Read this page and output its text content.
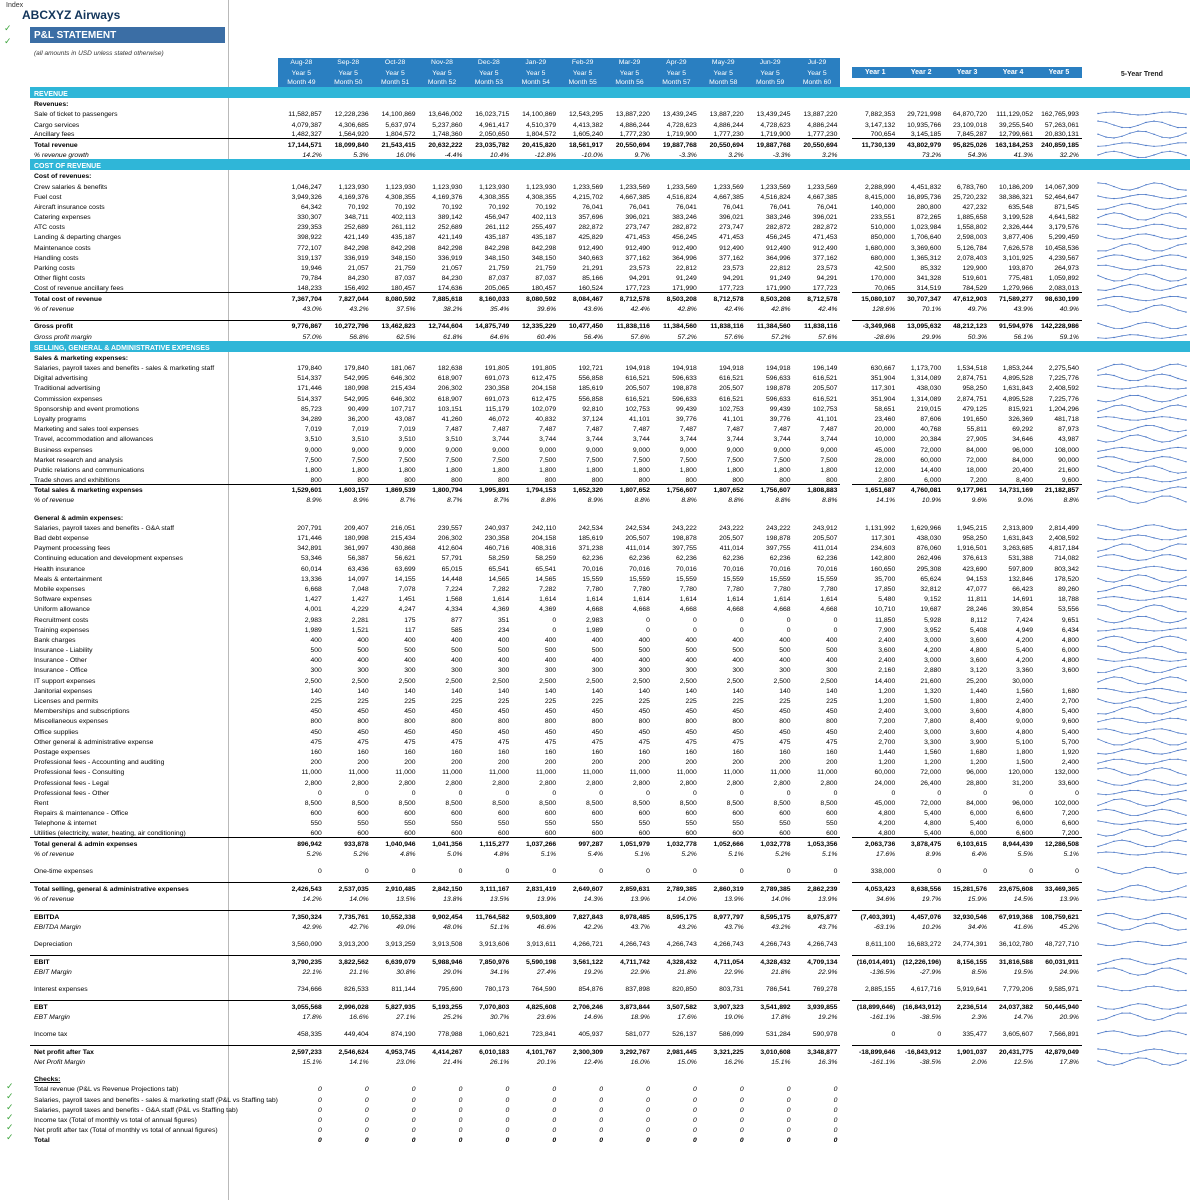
Index
ABCXYZ Airways
P&L STATEMENT
(all amounts in USD unless stated otherwise)
✓
✓
	Aug-28	Sep-28	Oct-28	Nov-28	Dec-28	Jan-29	Feb-29	Mar-29	Apr-29	May-29	Jun-29	Jul-29								
	Year 5	Year 5	Year 5	Year 5	Year 5	Year 5	Year 5	Year 5	Year 5	Year 5	Year 5	Year 5		Year 1	Year 2	Year 3	Year 4	Year 5		5-Year Trend
	Month 49	Month 50	Month 51	Month 52	Month 53	Month 54	Month 55	Month 56	Month 57	Month 58	Month 59	Month 60								
REVENUE																				
Revenues:																				
Sale of ticket to passengers	11,582,857	12,228,236	14,100,869	13,646,002	16,023,715	14,100,869	12,543,295	13,887,220	13,439,245	13,887,220	13,439,245	13,887,220		7,882,353	29,721,998	64,870,720	111,129,052	162,765,993		

Cargo services	4,079,387	4,306,685	5,637,974	5,237,860	4,961,417	4,510,379	4,413,382	4,886,244	4,728,623	4,886,244	4,728,623	4,886,244		3,147,132	10,935,766	23,109,018	39,255,540	57,263,061		

Ancillary fees	1,482,327	1,564,920	1,804,572	1,748,360	2,050,650	1,804,572	1,605,240	1,777,230	1,719,900	1,777,230	1,719,900	1,777,230		700,654	3,145,185	7,845,287	12,799,661	20,830,131		

Total revenue	17,144,571	18,099,840	21,543,415	20,632,222	23,035,782	20,415,820	18,561,917	20,550,694	19,887,768	20,550,694	19,887,768	20,550,694		11,730,139	43,802,979	95,825,026	163,184,253	240,859,185		

% revenue growth	14.2%	5.3%	16.0%	-4.4%	10.4%	-12.8%	-10.0%	9.7%	-3.3%	3.2%	-3.3%	3.2%			73.2%	54.3%	41.3%	32.2%		

COST OF REVENUE																				
Cost of revenues:																				
Crew salaries & benefits	1,046,247	1,123,930	1,123,930	1,123,930	1,123,930	1,123,930	1,233,569	1,233,569	1,233,569	1,233,569	1,233,569	1,233,569		2,288,990	4,451,832	6,783,760	10,186,209	14,067,309		

Fuel cost	3,949,326	4,169,376	4,308,355	4,169,376	4,308,355	4,308,355	4,215,702	4,667,385	4,516,824	4,667,385	4,516,824	4,667,385		8,415,000	16,895,736	25,720,232	38,386,321	52,464,647		

Aircraft insurance costs	64,342	70,192	70,192	70,192	70,192	70,192	76,041	76,041	76,041	76,041	76,041	76,041		140,000	280,800	427,232	635,548	871,545		

Catering expenses	330,307	348,711	402,113	389,142	456,947	402,113	357,696	396,021	383,246	396,021	383,246	396,021		233,551	872,265	1,885,658	3,199,528	4,641,582		

ATC costs	239,353	252,689	261,112	252,689	261,112	255,497	282,872	273,747	282,872	273,747	282,872	282,872		510,000	1,023,984	1,558,802	2,326,444	3,179,576		

Landing & departing charges	398,922	421,149	435,187	421,149	435,187	435,187	425,829	471,453	456,245	471,453	456,245	471,453		850,000	1,706,640	2,598,003	3,877,406	5,299,459		

Maintenance costs	772,107	842,298	842,298	842,298	842,298	842,298	912,490	912,490	912,490	912,490	912,490	912,490		1,680,000	3,369,600	5,126,784	7,626,578	10,458,536		

Handling costs	319,137	336,919	348,150	336,919	348,150	348,150	340,663	377,162	364,996	377,162	364,996	377,162		680,000	1,365,312	2,078,403	3,101,925	4,239,567		

Parking costs	19,946	21,057	21,759	21,057	21,759	21,759	21,291	23,573	22,812	23,573	22,812	23,573		42,500	85,332	129,900	193,870	264,973		

Other flight costs	79,784	84,230	87,037	84,230	87,037	87,037	85,166	94,291	91,249	94,291	91,249	94,291		170,000	341,328	519,601	775,481	1,059,892		

Cost of revenue ancillary fees	148,233	156,492	180,457	174,636	205,065	180,457	160,524	177,723	171,990	177,723	171,990	177,723		70,065	314,519	784,529	1,279,966	2,083,013		

Total cost of revenue	7,367,704	7,827,044	8,080,592	7,885,618	8,160,033	8,080,592	8,084,467	8,712,578	8,503,208	8,712,578	8,503,208	8,712,578		15,080,107	30,707,347	47,612,903	71,589,277	98,630,199		

% of revenue	43.0%	43.2%	37.5%	38.2%	35.4%	39.6%	43.6%	42.4%	42.8%	42.4%	42.8%	42.4%		128.6%	70.1%	49.7%	43.9%	40.9%		

Gross profit	9,776,867	10,272,796	13,462,823	12,744,604	14,875,749	12,335,229	10,477,450	11,838,116	11,384,560	11,838,116	11,384,560	11,838,116		-3,349,968	13,095,632	48,212,123	91,594,976	142,228,986		

Gross profit margin	57.0%	56.8%	62.5%	61.8%	64.6%	60.4%	56.4%	57.6%	57.2%	57.6%	57.2%	57.6%		-28.6%	29.9%	50.3%	56.1%	59.1%		

SELLING, GENERAL & ADMINISTRATIVE EXPENSES																				
Sales & marketing expenses:																				
Salaries, payroll taxes and benefits - sales & marketing staff	179,840	179,840	181,067	182,638	191,805	191,805	192,721	194,918	194,918	194,918	194,918	196,149		630,667	1,173,700	1,534,518	1,853,244	2,275,540		

Digital advertising	514,337	542,995	646,302	618,907	691,073	612,475	556,858	616,521	596,633	616,521	596,633	616,521		351,904	1,314,089	2,874,751	4,895,528	7,225,776		

Traditional advertising	171,446	180,998	215,434	206,302	230,358	204,158	185,619	205,507	198,878	205,507	198,878	205,507		117,301	438,030	958,250	1,631,843	2,408,592		

Commission expenses	514,337	542,995	646,302	618,907	691,073	612,475	556,858	616,521	596,633	616,521	596,633	616,521		351,904	1,314,089	2,874,751	4,895,528	7,225,776		

Sponsorship and event promotions	85,723	90,499	107,717	103,151	115,179	102,079	92,810	102,753	99,439	102,753	99,439	102,753		58,651	219,015	479,125	815,921	1,204,296		

Loyalty programs	34,289	36,200	43,087	41,260	46,072	40,832	37,124	41,101	39,776	41,101	39,776	41,101		23,460	87,606	191,650	326,369	481,718		

Marketing and sales tool expenses	7,019	7,019	7,019	7,487	7,487	7,487	7,487	7,487	7,487	7,487	7,487	7,487		20,000	40,768	55,811	69,292	87,973		

Travel, accommodation and allowances	3,510	3,510	3,510	3,510	3,744	3,744	3,744	3,744	3,744	3,744	3,744	3,744		10,000	20,384	27,905	34,646	43,987		

Business expenses	9,000	9,000	9,000	9,000	9,000	9,000	9,000	9,000	9,000	9,000	9,000	9,000		45,000	72,000	84,000	96,000	108,000		

Market research and analysis	7,500	7,500	7,500	7,500	7,500	7,500	7,500	7,500	7,500	7,500	7,500	7,500		28,000	60,000	72,000	84,000	90,000		

Public relations and communications	1,800	1,800	1,800	1,800	1,800	1,800	1,800	1,800	1,800	1,800	1,800	1,800		12,000	14,400	18,000	20,400	21,600		

Trade shows and exhibitions	800	800	800	800	800	800	800	800	800	800	800	800		2,800	6,000	7,200	8,400	9,600		

Total sales & marketing expenses	1,529,601	1,603,157	1,869,539	1,800,794	1,995,891	1,794,153	1,652,320	1,807,652	1,756,607	1,807,652	1,756,607	1,808,883		1,651,687	4,760,081	9,177,961	14,731,169	21,182,857		

% of revenue	8.9%	8.9%	8.7%	8.7%	8.7%	8.8%	8.9%	8.8%	8.8%	8.8%	8.8%	8.8%		14.1%	10.9%	9.6%	9.0%	8.8%		

General & admin expenses:																				
Salaries, payroll taxes and benefits - G&A staff	207,791	209,407	216,051	239,557	240,937	242,110	242,534	242,534	243,222	243,222	243,222	243,912		1,131,992	1,629,966	1,945,215	2,313,809	2,814,499		

Bad debt expense	171,446	180,998	215,434	206,302	230,358	204,158	185,619	205,507	198,878	205,507	198,878	205,507		117,301	438,030	958,250	1,631,843	2,408,592		

Payment processing fees	342,891	361,997	430,868	412,604	460,716	408,316	371,238	411,014	397,755	411,014	397,755	411,014		234,603	876,060	1,916,501	3,263,685	4,817,184		

Continuing education and development expenses	53,346	56,387	56,621	57,791	58,259	58,259	62,236	62,236	62,236	62,236	62,236	62,236		142,800	262,496	376,613	531,388	714,082		

Health insurance	60,014	63,436	63,699	65,015	65,541	65,541	70,016	70,016	70,016	70,016	70,016	70,016		160,650	295,308	423,690	597,809	803,342		

Meals & entertainment	13,336	14,097	14,155	14,448	14,565	14,565	15,559	15,559	15,559	15,559	15,559	15,559		35,700	65,624	94,153	132,846	178,520		

Mobile expenses	6,668	7,048	7,078	7,224	7,282	7,282	7,780	7,780	7,780	7,780	7,780	7,780		17,850	32,812	47,077	66,423	89,260		

Software expenses	1,427	1,427	1,451	1,568	1,614	1,614	1,614	1,614	1,614	1,614	1,614	1,614		5,480	9,152	11,811	14,691	18,788		

Uniform allowance	4,001	4,229	4,247	4,334	4,369	4,369	4,668	4,668	4,668	4,668	4,668	4,668		10,710	19,687	28,246	39,854	53,556		

Recruitment costs	2,983	2,281	175	877	351	0	2,983	0	0	0	0	0		11,850	5,928	8,112	7,424	9,651		

Training expenses	1,989	1,521	117	585	234	0	1,989	0	0	0	0	0		7,900	3,952	5,408	4,949	6,434		

Bank charges	400	400	400	400	400	400	400	400	400	400	400	400		2,400	3,000	3,600	4,200	4,800		

Insurance - Liability	500	500	500	500	500	500	500	500	500	500	500	500		3,600	4,200	4,800	5,400	6,000		

Insurance - Other	400	400	400	400	400	400	400	400	400	400	400	400		2,400	3,000	3,600	4,200	4,800		

Insurance - Office	300	300	300	300	300	300	300	300	300	300	300	300		2,160	2,880	3,120	3,360	3,600		

IT support expenses	2,500	2,500	2,500	2,500	2,500	2,500	2,500	2,500	2,500	2,500	2,500	2,500		14,400	21,600	25,200	30,000			

Janitorial expenses	140	140	140	140	140	140	140	140	140	140	140	140		1,200	1,320	1,440	1,560	1,680		

Licenses and permits	225	225	225	225	225	225	225	225	225	225	225	225		1,200	1,500	1,800	2,400	2,700		

Memberships and subscriptions	450	450	450	450	450	450	450	450	450	450	450	450		2,400	3,000	3,600	4,800	5,400		

Miscellaneous expenses	800	800	800	800	800	800	800	800	800	800	800	800		7,200	7,800	8,400	9,000	9,600		

Office supplies	450	450	450	450	450	450	450	450	450	450	450	450		2,400	3,000	3,600	4,800	5,400		

Other general & administrative expense	475	475	475	475	475	475	475	475	475	475	475	475		2,700	3,300	3,900	5,100	5,700		

Postage expenses	160	160	160	160	160	160	160	160	160	160	160	160		1,440	1,560	1,680	1,800	1,920		

Professional fees - Accounting and auditing	200	200	200	200	200	200	200	200	200	200	200	200		1,200	1,200	1,200	1,500	2,400		

Professional fees - Consulting	11,000	11,000	11,000	11,000	11,000	11,000	11,000	11,000	11,000	11,000	11,000	11,000		60,000	72,000	96,000	120,000	132,000		

Professional fees - Legal	2,800	2,800	2,800	2,800	2,800	2,800	2,800	2,800	2,800	2,800	2,800	2,800		24,000	26,400	28,800	31,200	33,600		

Professional fees - Other	0	0	0	0	0	0	0	0	0	0	0	0		0	0	0	0	0		

Rent	8,500	8,500	8,500	8,500	8,500	8,500	8,500	8,500	8,500	8,500	8,500	8,500		45,000	72,000	84,000	96,000	102,000		

Repairs & maintenance - Office	600	600	600	600	600	600	600	600	600	600	600	600		4,800	5,400	6,000	6,600	7,200		

Telephone & internet	550	550	550	550	550	550	550	550	550	550	550	550		4,200	4,800	5,400	6,000	6,600		

Utilities (electricity, water, heating, air conditioning)	600	600	600	600	600	600	600	600	600	600	600	600		4,800	5,400	6,000	6,600	7,200		

Total general & admin expenses	896,942	933,878	1,040,946	1,041,356	1,115,277	1,037,266	997,287	1,051,979	1,032,778	1,052,666	1,032,778	1,053,356		2,063,736	3,878,475	6,103,615	8,944,439	12,286,508		

% of revenue	5.2%	5.2%	4.8%	5.0%	4.8%	5.1%	5.4%	5.1%	5.2%	5.1%	5.2%	5.1%		17.6%	8.9%	6.4%	5.5%	5.1%		

One-time expenses	0	0	0	0	0	0	0	0	0	0	0	0		338,000	0	0	0	0		

Total selling, general & administrative expenses	2,426,543	2,537,035	2,910,485	2,842,150	3,111,167	2,831,419	2,649,607	2,859,631	2,789,385	2,860,319	2,789,385	2,862,239		4,053,423	8,638,556	15,281,576	23,675,608	33,469,365		

% of revenue	14.2%	14.0%	13.5%	13.8%	13.5%	13.9%	14.3%	13.9%	14.0%	13.9%	14.0%	13.9%		34.6%	19.7%	15.9%	14.5%	13.9%		

EBITDA	7,350,324	7,735,761	10,552,338	9,902,454	11,764,582	9,503,809	7,827,843	8,978,485	8,595,175	8,977,797	8,595,175	8,975,877		(7,403,391)	4,457,076	32,930,546	67,919,368	108,759,621		

EBITDA Margin	42.9%	42.7%	49.0%	48.0%	51.1%	46.6%	42.2%	43.7%	43.2%	43.7%	43.2%	43.7%		-63.1%	10.2%	34.4%	41.6%	45.2%		

Depreciation	3,560,090	3,913,200	3,913,259	3,913,508	3,913,606	3,913,611	4,266,721	4,266,743	4,266,743	4,266,743	4,266,743	4,266,743		8,611,100	16,683,272	24,774,391	36,102,780	48,727,710		

EBIT	3,790,235	3,822,562	6,639,079	5,988,946	7,850,976	5,590,198	3,561,122	4,711,742	4,328,432	4,711,054	4,328,432	4,709,134		(16,014,491)	(12,226,196)	8,156,155	31,816,588	60,031,911		

EBIT Margin	22.1%	21.1%	30.8%	29.0%	34.1%	27.4%	19.2%	22.9%	21.8%	22.9%	21.8%	22.9%		-136.5%	-27.9%	8.5%	19.5%	24.9%		

Interest expenses	734,666	826,533	811,144	795,690	780,173	764,590	854,876	837,898	820,850	803,731	786,541	769,278		2,885,155	4,617,716	5,919,641	7,779,206	9,585,971		

EBT	3,055,568	2,996,028	5,827,935	5,193,255	7,070,803	4,825,608	2,706,246	3,873,844	3,507,582	3,907,323	3,541,892	3,939,855		(18,899,646)	(16,843,912)	2,236,514	24,037,382	50,445,940		

EBT Margin	17.8%	16.6%	27.1%	25.2%	30.7%	23.6%	14.6%	18.9%	17.6%	19.0%	17.8%	19.2%		-161.1%	-38.5%	2.3%	14.7%	20.9%		

Income tax	458,335	449,404	874,190	778,988	1,060,621	723,841	405,937	581,077	526,137	586,099	531,284	590,978		0	0	335,477	3,605,607	7,566,891		

Net profit after Tax	2,597,233	2,546,624	4,953,745	4,414,267	6,010,183	4,101,767	2,300,309	3,292,767	2,981,445	3,321,225	3,010,608	3,348,877		-18,899,646	-16,843,912	1,901,037	20,431,775	42,879,049		

Net Profit Margin	15.1%	14.1%	23.0%	21.4%	26.1%	20.1%	12.4%	16.0%	15.0%	16.2%	15.1%	16.3%		-161.1%	-38.5%	2.0%	12.5%	17.8%		

Checks:																				
Total revenue (P&L vs Revenue Projections tab)	0	0	0	0	0	0	0	0	0	0	0	0								
Salaries, payroll taxes and benefits - sales & marketing staff (P&L vs Staffing tab)	0	0	0	0	0	0	0	0	0	0	0	0								
Salaries, payroll taxes and benefits - G&A staff (P&L vs Staffing tab)	0	0	0	0	0	0	0	0	0	0	0	0								
Income tax (Total of monthly vs total of annual figures)	0	0	0	0	0	0	0	0	0	0	0	0								
Net profit after tax (Total of monthly vs total of annual figures)	0	0	0	0	0	0	0	0	0	0	0	0								
Total	0	0	0	0	0	0	0	0	0	0	0	0								
✓
✓
✓
✓
✓
✓
